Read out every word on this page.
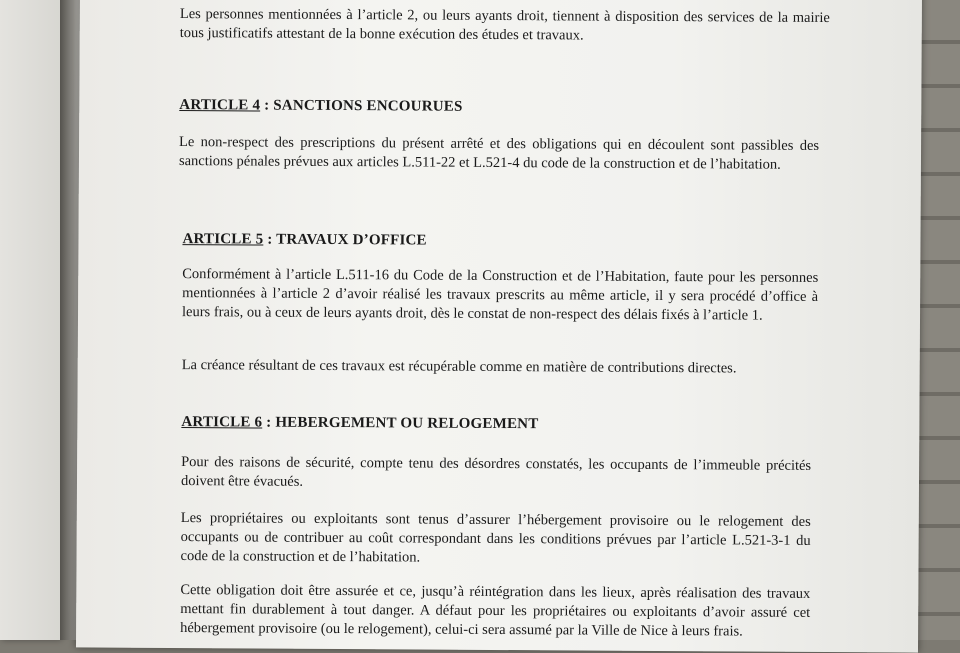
Les personnes mentionnées à l’article 2, ou leurs ayants droit, tiennent à disposition des services de la mairie tous justificatifs attestant de la bonne exécution des études et travaux.

ARTICLE 4 : SANCTIONS ENCOURUES

Le non-respect des prescriptions du présent arrêté et des obligations qui en découlent sont passibles des sanctions pénales prévues aux articles L.511-22 et L.521-4 du code de la construction et de l’habitation.

ARTICLE 5 : TRAVAUX D’OFFICE

Conformément à l’article L.511-16 du Code de la Construction et de l’Habitation, faute pour les personnes mentionnées à l’article 2 d’avoir réalisé les travaux prescrits au même article, il y sera procédé d’office à leurs frais, ou à ceux de leurs ayants droit, dès le constat de non-respect des délais fixés à l’article 1.

La créance résultant de ces travaux est récupérable comme en matière de contributions directes.

ARTICLE 6 : HEBERGEMENT OU RELOGEMENT

Pour des raisons de sécurité, compte tenu des désordres constatés, les occupants de l’immeuble précités doivent être évacués.

Les propriétaires ou exploitants sont tenus d’assurer l’hébergement provisoire ou le relogement des occupants ou de contribuer au coût correspondant dans les conditions prévues par l’article L.521-3-1 du code de la construction et de l’habitation.

Cette obligation doit être assurée et ce, jusqu’à réintégration dans les lieux, après réalisation des travaux mettant fin durablement à tout danger. A défaut pour les propriétaires ou exploitants d’avoir assuré cet hébergement provisoire (ou le relogement), celui-ci sera assumé par la Ville de Nice à leurs frais.
